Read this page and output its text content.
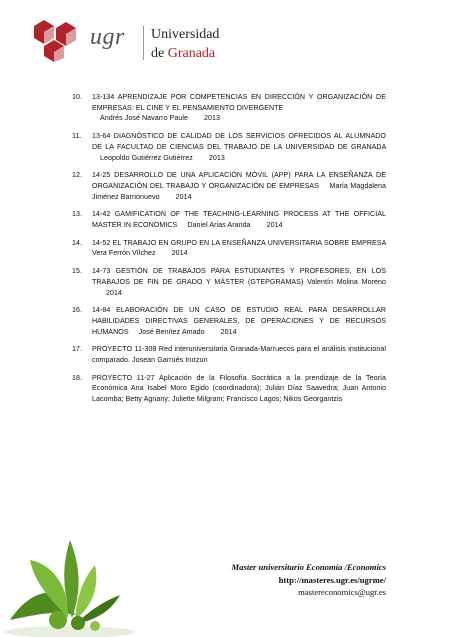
ugr Universidad
de Granada
10. 13-134 APRENDIZAJE POR COMPETENCIAS EN DIRECCIÓN Y ORGANIZACIÓN DE EMPRESAS: EL CINE Y EL PENSAMIENTO DIVERGENTE
Andrés José Navarro Paule 2013
11. 13-64 DIAGNÓSTICO DE CALIDAD DE LOS SERVICIOS OFRECIDOS AL ALUMNADO DE LA FACULTAD DE CIENCIAS DEL TRABAJO DE LA UNIVERSIDAD DE GRANADA Leopoldo Gutiérrez Gutiérrez 2013
12. 14-25 DESARROLLO DE UNA APLICACIÓN MÓVIL (APP) PARA LA ENSEÑANZA DE ORGANIZACIÓN DEL TRABAJO Y ORGANIZACIÓN DE EMPRESAS María Magdalena Jiménez Barrionuevo 2014
13. 14-42 GAMIFICATION OF THE TEACHING-LEARNING PROCESS AT THE OFFICIAL MASTER IN ECONOMICS Daniel Arias Aranda 2014
14. 14-52 EL TRABAJO EN GRUPO EN LA ENSEÑANZA UNIVERSITARIA SOBRE EMPRESA Vera Ferrón Vílchez 2014
15. 14-73 GESTIÓN DE TRABAJOS PARA ESTUDIANTES Y PROFESORES, EN LOS TRABAJOS DE FIN DE GRADO Y MÁSTER (GTEPGRAMAS) Valentín Molina Moreno 2014
16. 14-84 ELABORACIÓN DE UN CASO DE ESTUDIO REAL PARA DESARROLLAR HABILIDADES DIRECTIVAS GENERALES, DE OPERACIONES Y DE RECURSOS HUMANOS José Benítez Amado 2014
17. PROYECTO 11-308 Red interuniversitaria Granada-Marruecos para el análisis institucional comparado. Josean Garrués Irurzun
18. PROYECTO 11-27 Aplicación de la Filosofía Socrática a la prendizaje de la Teoría Económica Ana Isabel Moro Egido (coordinadora); Julián Díaz Saavedra; Juan Antonio Lacomba; Betty Agnany; Juliette Milgram; Francisco Lagos; Nikos Georgantzis
Master universitario Economía /Economics
http://masteres.ugr.es/ugrme/
mastereconomics@ugr.es
